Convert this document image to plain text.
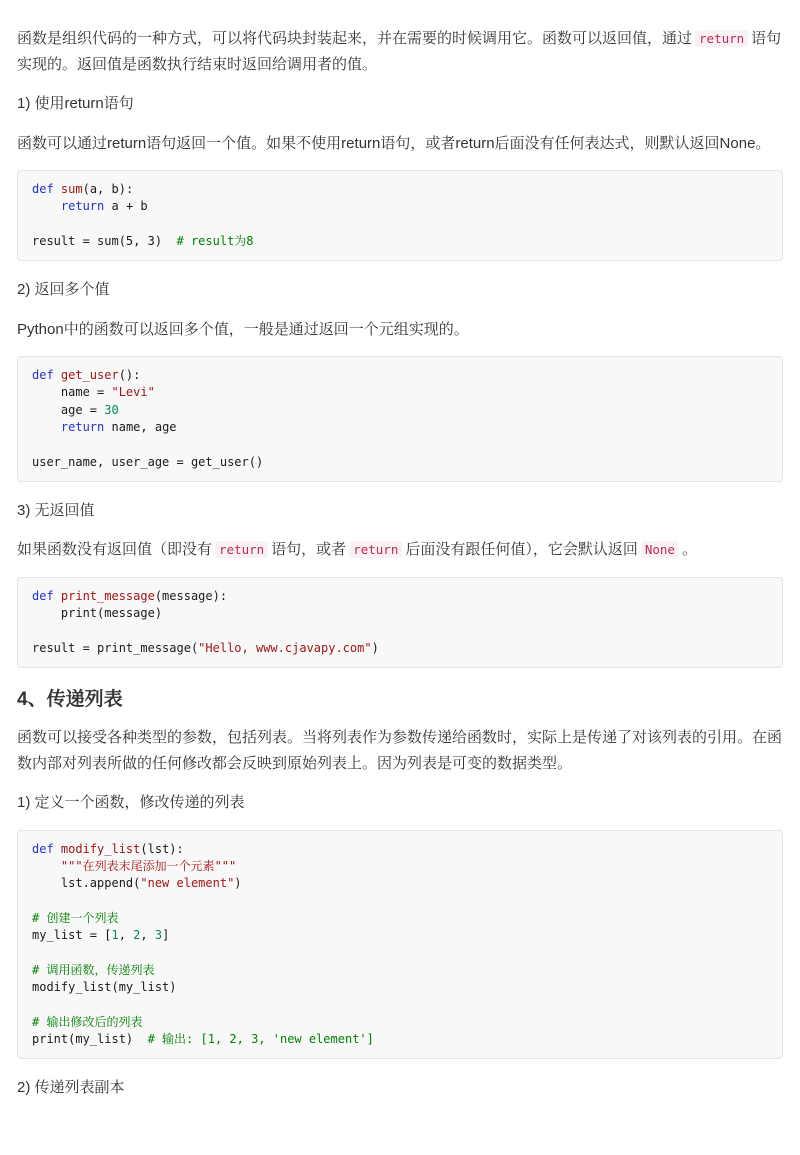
函数是组织代码的一种方式，可以将代码块封装起来，并在需要的时候调用它。函数可以返回值，通过 return 语句实现的。返回值是函数执行结束时返回给调用者的值。

1) 使用return语句

函数可以通过return语句返回一个值。如果不使用return语句，或者return后面没有任何表达式，则默认返回None。

def sum(a, b):
return a + b
result = sum(5, 3)  # result为8

2) 返回多个值

Python中的函数可以返回多个值，一般是通过返回一个元组实现的。

def get_user():
name = "Levi"
age = 30
return name, age
user_name, user_age = get_user()

3) 无返回值

如果函数没有返回值（即没有 return 语句，或者 return 后面没有跟任何值），它会默认返回 None 。

def print_message(message):
print(message)
result = print_message("Hello, www.cjavapy.com")
4、传递列表

函数可以接受各种类型的参数，包括列表。当将列表作为参数传递给函数时，实际上是传递了对该列表的引用。在函数内部对列表所做的任何修改都会反映到原始列表上。因为列表是可变的数据类型。

1) 定义一个函数，修改传递的列表

def modify_list(lst):
"""在列表末尾添加一个元素"""
lst.append("new element")
# 创建一个列表
my_list = [1, 2, 3]
# 调用函数，传递列表
modify_list(my_list)
# 输出修改后的列表
print(my_list)  # 输出: [1, 2, 3, 'new element']

2) 传递列表副本
